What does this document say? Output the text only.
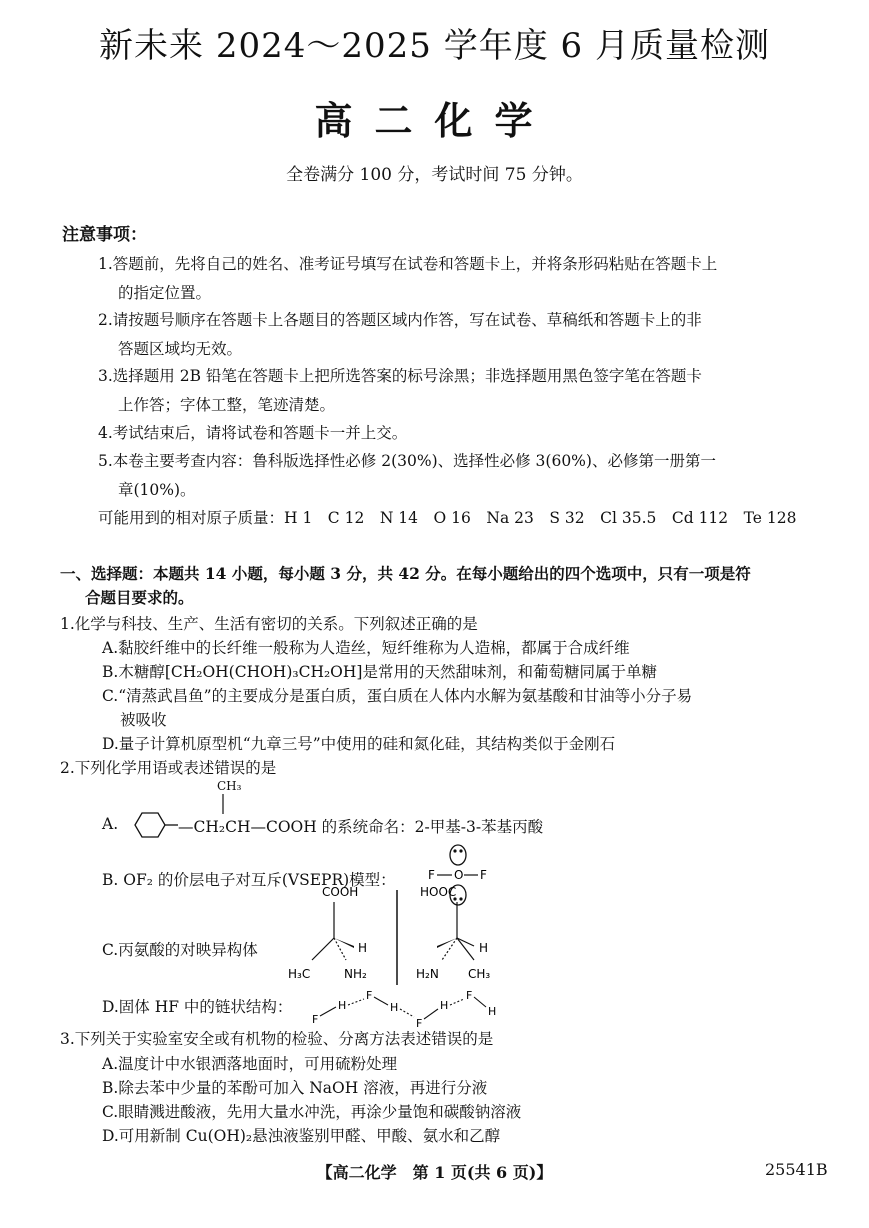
新未来 2024～2025 学年度 6 月质量检测
高二化学
全卷满分 100 分，考试时间 75 分钟。
注意事项：
1.答题前，先将自己的姓名、准考证号填写在试卷和答题卡上，并将条形码粘贴在答题卡上
的指定位置。
2.请按题号顺序在答题卡上各题目的答题区域内作答，写在试卷、草稿纸和答题卡上的非
答题区域均无效。
3.选择题用 2B 铅笔在答题卡上把所选答案的标号涂黑；非选择题用黑色签字笔在答题卡
上作答；字体工整，笔迹清楚。
4.考试结束后，请将试卷和答题卡一并上交。
5.本卷主要考查内容：鲁科版选择性必修 2(30%)、选择性必修 3(60%)、必修第一册第一
章(10%)。
可能用到的相对原子质量：H 1　C 12　N 14　O 16　Na 23　S 32　Cl 35.5　Cd 112　Te 128
一、选择题：本题共 14 小题，每小题 3 分，共 42 分。在每小题给出的四个选项中，只有一项是符
合题目要求的。
1.化学与科技、生产、生活有密切的关系。下列叙述正确的是
A.黏胶纤维中的长纤维一般称为人造丝，短纤维称为人造棉，都属于合成纤维
B.木糖醇[CH₂OH(CHOH)₃CH₂OH]是常用的天然甜味剂，和葡萄糖同属于单糖
C.“清蒸武昌鱼”的主要成分是蛋白质，蛋白质在人体内水解为氨基酸和甘油等小分子易
被吸收
D.量子计算机原型机“九章三号”中使用的硅和氮化硅，其结构类似于金刚石
2.下列化学用语或表述错误的是
A.
CH₃
—CH₂CH—COOH 的系统命名：2-甲基-3-苯基丙酸
B. OF₂ 的价层电子对互斥(VSEPR)模型：	F O F
C.丙氨酸的对映异构体
COOH
H
H₃C	NH₂
HOOC
H
H₂N CH₃
D.固体 HF 中的链状结构：
F
H
F
H
F
H
F
H
3.下列关于实验室安全或有机物的检验、分离方法表述错误的是
A.温度计中水银洒落地面时，可用硫粉处理
B.除去苯中少量的苯酚可加入 NaOH 溶液，再进行分液
C.眼睛溅进酸液，先用大量水冲洗，再涂少量饱和碳酸钠溶液
D.可用新制 Cu(OH)₂悬浊液鉴别甲醛、甲酸、氨水和乙醇
【高二化学　第 1 页(共 6 页)】	25541B
